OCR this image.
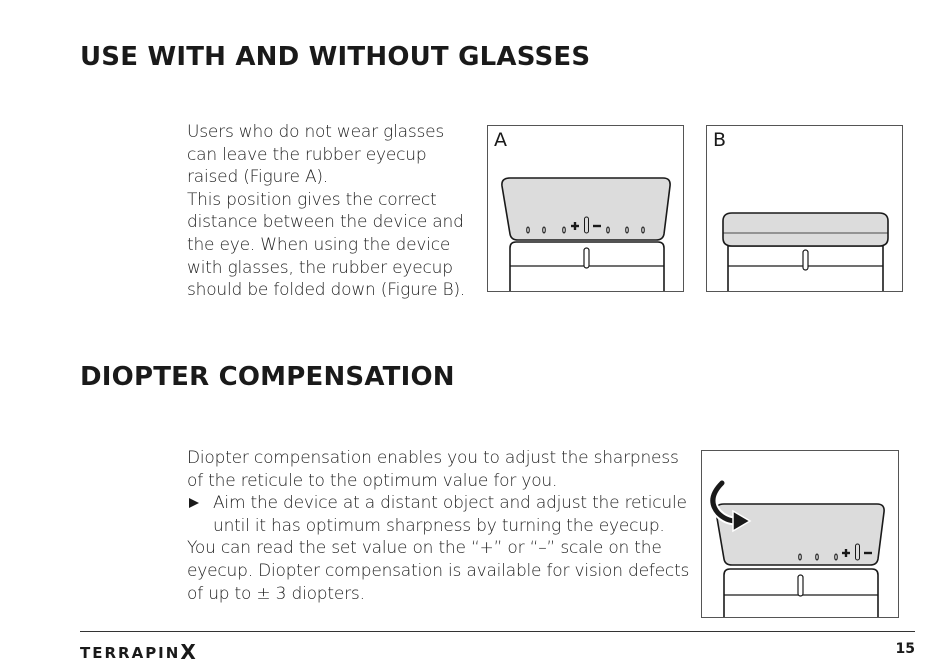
USE WITH AND WITHOUT GLASSES

Users who do not wear glasses

can leave the rubber eyecup

raised (Figure A).

This position gives the correct

distance between the device and

the eye. When using the device

with glasses, the rubber eyecup

should be folded down (Figure B).

A	B
DIOPTER COMPENSATION

Diopter compensation enables you to adjust the sharpness

of the reticule to the optimum value for you.

Aim the device at a distant object and adjust the reticule

until it has optimum sharpness by turning the eyecup.

You can read the set value on the “+” or “–” scale on the

eyecup. Diopter compensation is available for vision defects

of up to ± 3 diopters.

TERRAPINX	15
